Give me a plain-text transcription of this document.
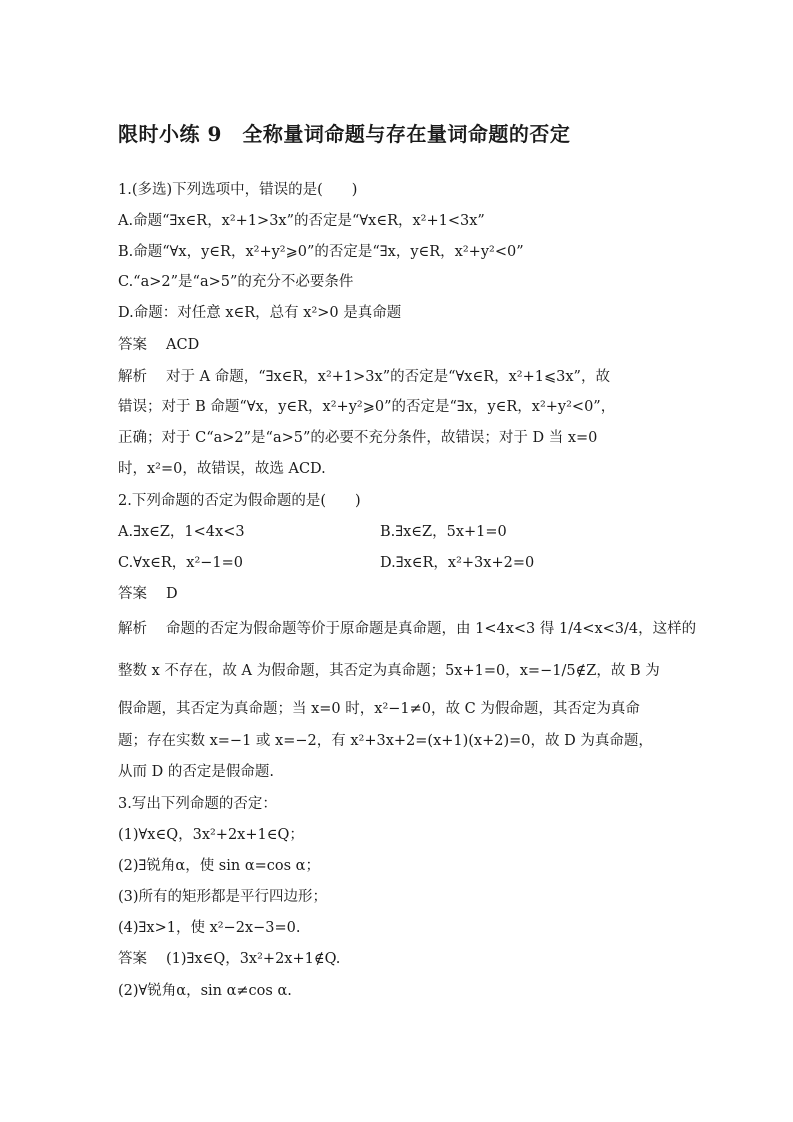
限时小练 9　全称量词命题与存在量词命题的否定
1.(多选)下列选项中，错误的是(　　)
A.命题“∃x∈R，x²+1>3x”的否定是“∀x∈R，x²+1<3x”
B.命题“∀x，y∈R，x²+y²⩾0”的否定是“∃x，y∈R，x²+y²<0”
C.“a>2”是“a>5”的充分不必要条件
D.命题：对任意 x∈R，总有 x²>0 是真命题
答案 ACD
解析 对于 A 命题，“∃x∈R，x²+1>3x”的否定是“∀x∈R，x²+1⩽3x”，故
错误；对于 B 命题“∀x，y∈R，x²+y²⩾0”的否定是“∃x，y∈R，x²+y²<0”，
正确；对于 C“a>2”是“a>5”的必要不充分条件，故错误；对于 D 当 x=0
时，x²=0，故错误，故选 ACD.
2.下列命题的否定为假命题的是(　　)
A.∃x∈Z，1<4x<3	B.∃x∈Z，5x+1=0
C.∀x∈R，x²−1=0	D.∃x∈R，x²+3x+2=0
答案 D
解析 命题的否定为假命题等价于原命题是真命题，由 1<4x<3 得 1/4<x<3/4，这样的
整数 x 不存在，故 A 为假命题，其否定为真命题；5x+1=0，x=−1/5∉Z，故 B 为
假命题，其否定为真命题；当 x=0 时，x²−1≠0，故 C 为假命题，其否定为真命
题；存在实数 x=−1 或 x=−2，有 x²+3x+2=(x+1)(x+2)=0，故 D 为真命题，
从而 D 的否定是假命题.
3.写出下列命题的否定：
(1)∀x∈Q，3x²+2x+1∈Q；
(2)∃锐角α，使 sin α=cos α；
(3)所有的矩形都是平行四边形；
(4)∃x>1，使 x²−2x−3=0.
答案 (1)∃x∈Q，3x²+2x+1∉Q.
(2)∀锐角α，sin α≠cos α.
